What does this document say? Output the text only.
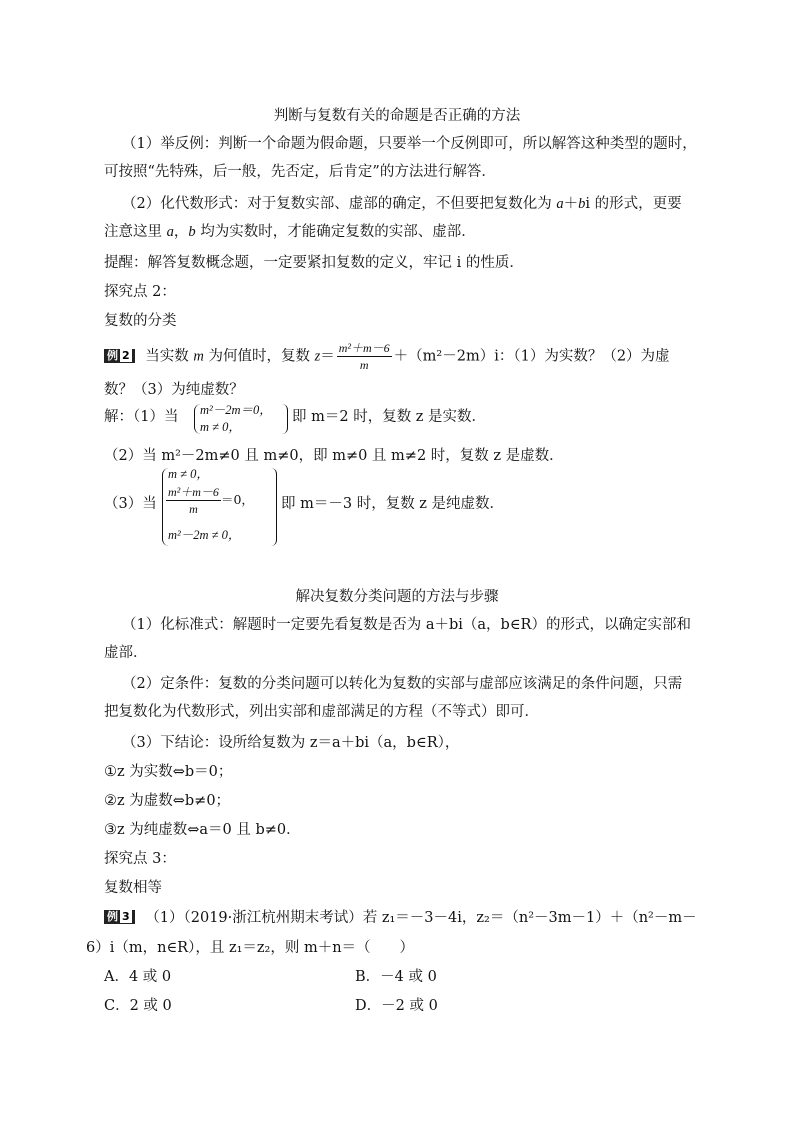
判断与复数有关的命题是否正确的方法
（1）举反例：判断一个命题为假命题，只要举一个反例即可，所以解答这种类型的题时，
可按照“先特殊，后一般，先否定，后肯定”的方法进行解答．
（2）化代数形式：对于复数实部、虚部的确定，不但要把复数化为 a＋bi 的形式，更要
注意这里 a，b 均为实数时，才能确定复数的实部、虚部．
提醒：解答复数概念题，一定要紧扣复数的定义，牢记 i 的性质．
探究点 2：
复数的分类
例 2 当实数 m 为何值时，复数 $z= \frac{\text{m²＋m－6}}{m} +(m^2-2m)i$：（1）为实数？（2）为虚
数？（3）为纯虚数？
解：（1）当 m²－2m＝0，
m ≠ 0，
即 m＝2 时，复数 z 是实数．
（2）当 m²－2m≠0 且 m≠0，即 m≠0 且 m≠2 时，复数 z 是虚数．
（3）当
m ≠ 0，
$\frac{\text{m²＋m－6}}{m} =0$，
m²－2m ≠ 0，
即 m＝－3 时，复数 z 是纯虚数．
解决复数分类问题的方法与步骤
（1）化标准式：解题时一定要先看复数是否为 a＋bi（a，b∈R）的形式，以确定实部和
虚部．
（2）定条件：复数的分类问题可以转化为复数的实部与虚部应该满足的条件问题，只需
把复数化为代数形式，列出实部和虚部满足的方程（不等式）即可．
（3）下结论：设所给复数为 z＝a＋bi（a，b∈R），
①z 为实数⇔b＝0；
②z 为虚数⇔b≠0；
③z 为纯虚数⇔a＝0 且 b≠0．
探究点 3：
复数相等
例 3 （1）（2019·浙江杭州期末考试）若 z₁＝－3－4i，z₂＝（n²－3m－1）＋（n²－m－
6）i（m，n∈R），且 z₁＝z₂，则 m＋n＝（　　）
A．4 或 0	B．－4 或 0
C．2 或 0	D．－2 或 0
